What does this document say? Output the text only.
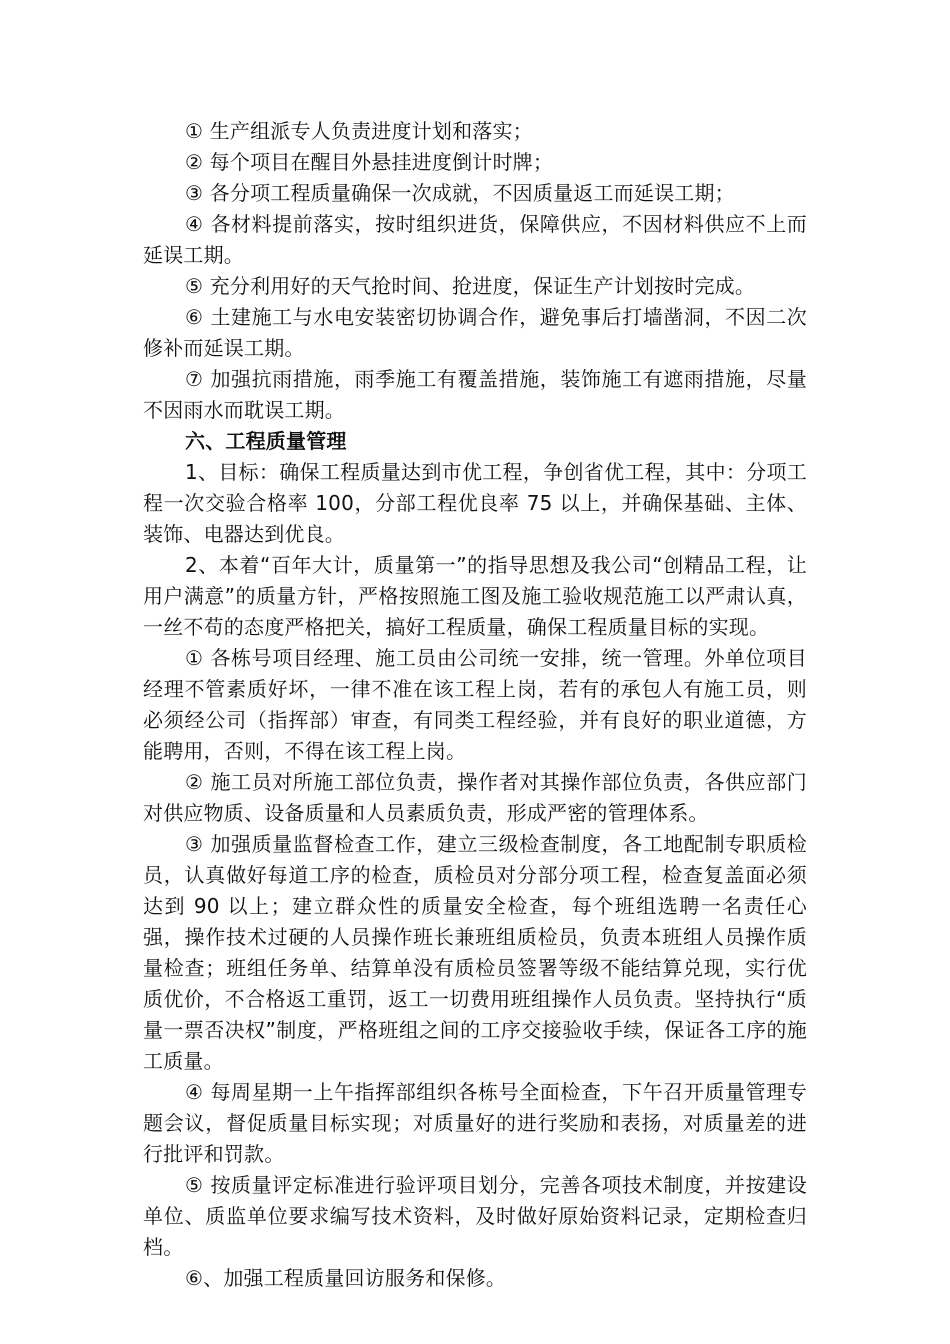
① 生产组派专人负责进度计划和落实；

② 每个项目在醒目外悬挂进度倒计时牌；

③ 各分项工程质量确保一次成就，不因质量返工而延误工期；

④ 各材料提前落实，按时组织进货，保障供应，不因材料供应不上而延误工期。

⑤ 充分利用好的天气抢时间、抢进度，保证生产计划按时完成。

⑥ 土建施工与水电安装密切协调合作，避免事后打墙凿洞，不因二次修补而延误工期。

⑦ 加强抗雨措施，雨季施工有覆盖措施，装饰施工有遮雨措施，尽量不因雨水而耽误工期。

六、工程质量管理

1、目标：确保工程质量达到市优工程，争创省优工程，其中：分项工程一次交验合格率 100，分部工程优良率 75 以上，并确保基础、主体、装饰、电器达到优良。

2、本着“百年大计，质量第一”的指导思想及我公司“创精品工程，让用户满意”的质量方针，严格按照施工图及施工验收规范施工以严肃认真，一丝不苟的态度严格把关，搞好工程质量，确保工程质量目标的实现。

① 各栋号项目经理、施工员由公司统一安排，统一管理。外单位项目经理不管素质好坏，一律不准在该工程上岗，若有的承包人有施工员，则必须经公司（指挥部）审查，有同类工程经验，并有良好的职业道德，方能聘用，否则，不得在该工程上岗。

② 施工员对所施工部位负责，操作者对其操作部位负责，各供应部门对供应物质、设备质量和人员素质负责，形成严密的管理体系。

③ 加强质量监督检查工作，建立三级检查制度，各工地配制专职质检员，认真做好每道工序的检查，质检员对分部分项工程，检查复盖面必须达到 90 以上；建立群众性的质量安全检查，每个班组选聘一名责任心强，操作技术过硬的人员操作班长兼班组质检员，负责本班组人员操作质量检查；班组任务单、结算单没有质检员签署等级不能结算兑现，实行优质优价，不合格返工重罚，返工一切费用班组操作人员负责。坚持执行“质量一票否决权”制度，严格班组之间的工序交接验收手续，保证各工序的施工质量。

④ 每周星期一上午指挥部组织各栋号全面检查，下午召开质量管理专题会议，督促质量目标实现；对质量好的进行奖励和表扬，对质量差的进行批评和罚款。

⑤ 按质量评定标准进行验评项目划分，完善各项技术制度，并按建设单位、质监单位要求编写技术资料，及时做好原始资料记录，定期检查归档。

⑥、加强工程质量回访服务和保修。
